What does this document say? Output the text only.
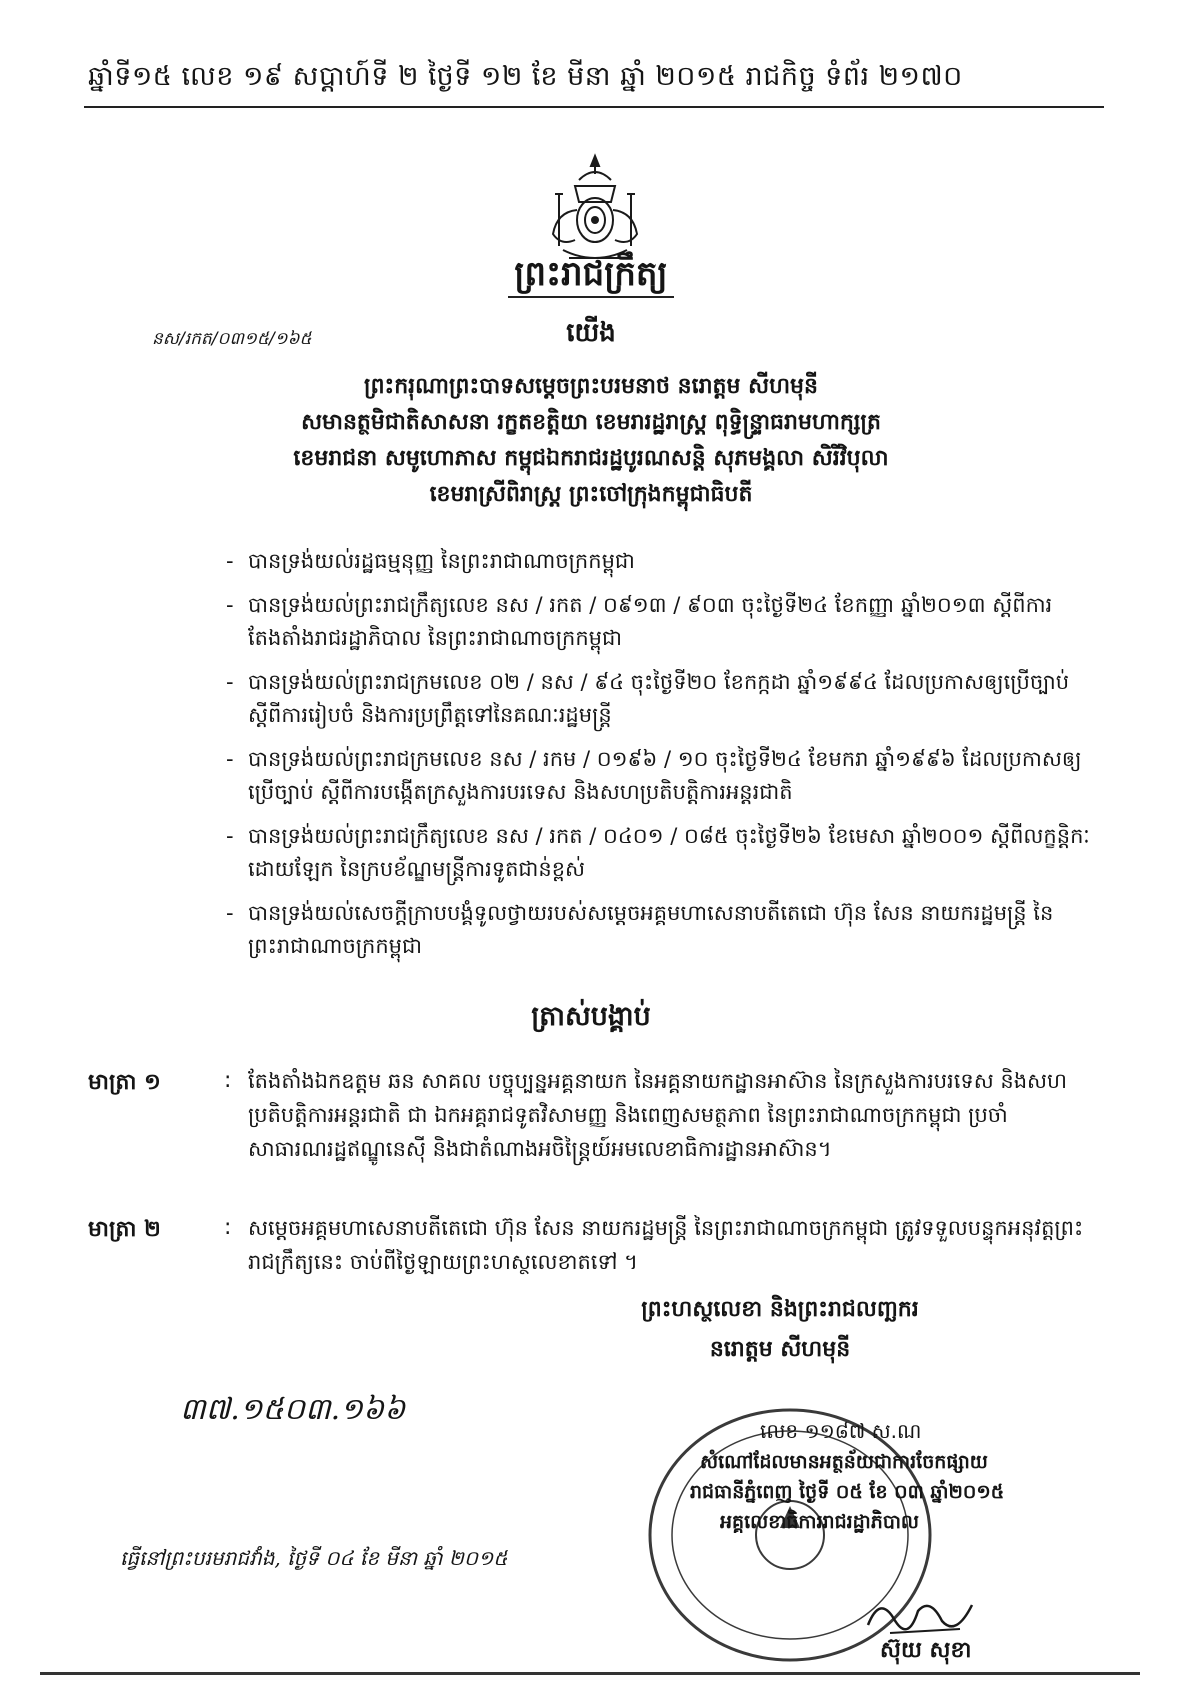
ឆ្នាំទី១៥ លេខ ១៩ សប្ដាហ៍ទី ២ ថ្ងៃទី ១២ ខែ មីនា ឆ្នាំ ២០១៥ រាជកិច្ច ទំព័រ ២១៧០
ព្រះរាជក្រឹត្យ
នស/រកត/០៣១៥/១៦៥	យើង
ព្រះករុណាព្រះបាទសម្ដេចព្រះបរមនាថ នរោត្ដម សីហមុនី
សមានត្ថមិជាតិសាសនា រក្ខតខត្តិយា ខេមរារដ្ឋរាស្ត្រ ពុទ្ធិន្ទ្រាធរាមហាក្សត្រ
ខេមរាជនា សមូហោភាស កម្ពុជឯករាជរដ្ឋបូរណសន្តិ សុភមង្គលា សិរីវិបុលា
ខេមរាស្រីពិរាស្ត្រ ព្រះចៅក្រុងកម្ពុជាធិបតី
- បានទ្រង់យល់រដ្ឋធម្មនុញ្ញ នៃព្រះរាជាណាចក្រកម្ពុជា
- បានទ្រង់យល់ព្រះរាជក្រឹត្យលេខ នស / រកត / ០៩១៣ / ៩០៣ ចុះថ្ងៃទី២៤ ខែកញ្ញា ឆ្នាំ២០១៣ ស្ដីពីការតែងតាំងរាជរដ្ឋាភិបាល នៃព្រះរាជាណាចក្រកម្ពុជា
- បានទ្រង់យល់ព្រះរាជក្រមលេខ ០២ / នស / ៩៤ ចុះថ្ងៃទី២០ ខែកក្កដា ឆ្នាំ១៩៩៤ ដែលប្រកាសឲ្យប្រើច្បាប់ ស្ដីពីការរៀបចំ និងការប្រព្រឹត្តទៅនៃគណៈរដ្ឋមន្ត្រី
- បានទ្រង់យល់ព្រះរាជក្រមលេខ នស / រកម / ០១៩៦ / ១០ ចុះថ្ងៃទី២៤ ខែមករា ឆ្នាំ១៩៩៦ ដែលប្រកាសឲ្យប្រើច្បាប់ ស្ដីពីការបង្កើតក្រសួងការបរទេស និងសហប្រតិបត្តិការអន្តរជាតិ
- បានទ្រង់យល់ព្រះរាជក្រឹត្យលេខ នស / រកត / ០៤០១ / ០៨៥ ចុះថ្ងៃទី២៦ ខែមេសា ឆ្នាំ២០០១ ស្ដីពីលក្ខន្តិកៈដោយឡែក នៃក្របខ័ណ្ឌមន្ត្រីការទូតជាន់ខ្ពស់
- បានទ្រង់យល់សេចក្ដីក្រាបបង្គំទូលថ្វាយរបស់សម្ដេចអគ្គមហាសេនាបតីតេជោ ហ៊ុន សែន នាយករដ្ឋមន្ត្រី នៃព្រះរាជាណាចក្រកម្ពុជា
ត្រាស់បង្គាប់
មាត្រា ១	: តែងតាំងឯកឧត្ដម ឆន សាគល បច្ចុប្បន្នអគ្គនាយក នៃអគ្គនាយកដ្ឋានអាស៊ាន នៃក្រសួងការបរទេស និងសហប្រតិបត្តិការអន្តរជាតិ ជា ឯកអគ្គរាជទូតវិសាមញ្ញ និងពេញសមត្ថភាព នៃព្រះរាជាណាចក្រកម្ពុជា ប្រចាំសាធារណរដ្ឋឥណ្ឌូនេស៊ី និងជាតំណាងអចិន្ត្រៃយ៍អមលេខាធិការដ្ឋានអាស៊ាន។
មាត្រា ២	: សម្ដេចអគ្គមហាសេនាបតីតេជោ ហ៊ុន សែន នាយករដ្ឋមន្ត្រី នៃព្រះរាជាណាចក្រកម្ពុជា ត្រូវទទួលបន្ទុកអនុវត្តព្រះរាជក្រឹត្យនេះ ចាប់ពីថ្ងៃឡាយព្រះហស្ថលេខាតទៅ ។
ព្រះហស្ថលេខា និងព្រះរាជលញ្ឆករ
នរោត្ដម សីហមុនី
៣៧.១៥០៣.១៦៦
ធ្វើនៅព្រះបរមរាជវាំង, ថ្ងៃទី ០៤ ខែ មីនា ឆ្នាំ ២០១៥
លេខ ១១៨៧ ស.ណ
សំណៅដែលមានអត្ថន័យជាការចែកផ្សាយ
រាជធានីភ្នំពេញ ថ្ងៃទី ០៥ ខែ ០៣ ឆ្នាំ២០១៥
អគ្គលេខាធិការរាជរដ្ឋាភិបាល
ស៊ុយ សុខា
